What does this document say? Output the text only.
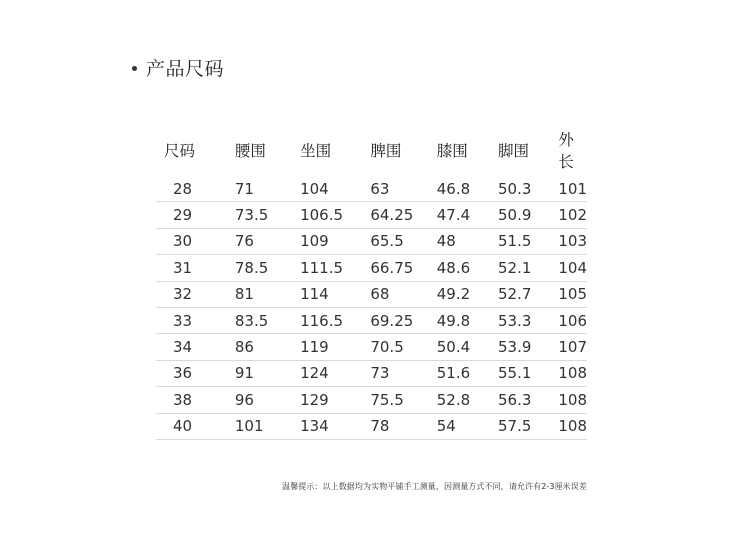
产品尺码
尺码	腰围	坐围	脾围	膝围	脚围	外长
28	71	104	63	46.8	50.3	101
29	73.5	106.5	64.25	47.4	50.9	102
30	76	109	65.5	48	51.5	103
31	78.5	111.5	66.75	48.6	52.1	104
32	81	114	68	49.2	52.7	105
33	83.5	116.5	69.25	49.8	53.3	106
34	86	119	70.5	50.4	53.9	107
36	91	124	73	51.6	55.1	108
38	96	129	75.5	52.8	56.3	108
40	101	134	78	54	57.5	108
温馨提示：以上数据均为实物平铺手工测量，因测量方式不同，请允许有2-3厘米误差
